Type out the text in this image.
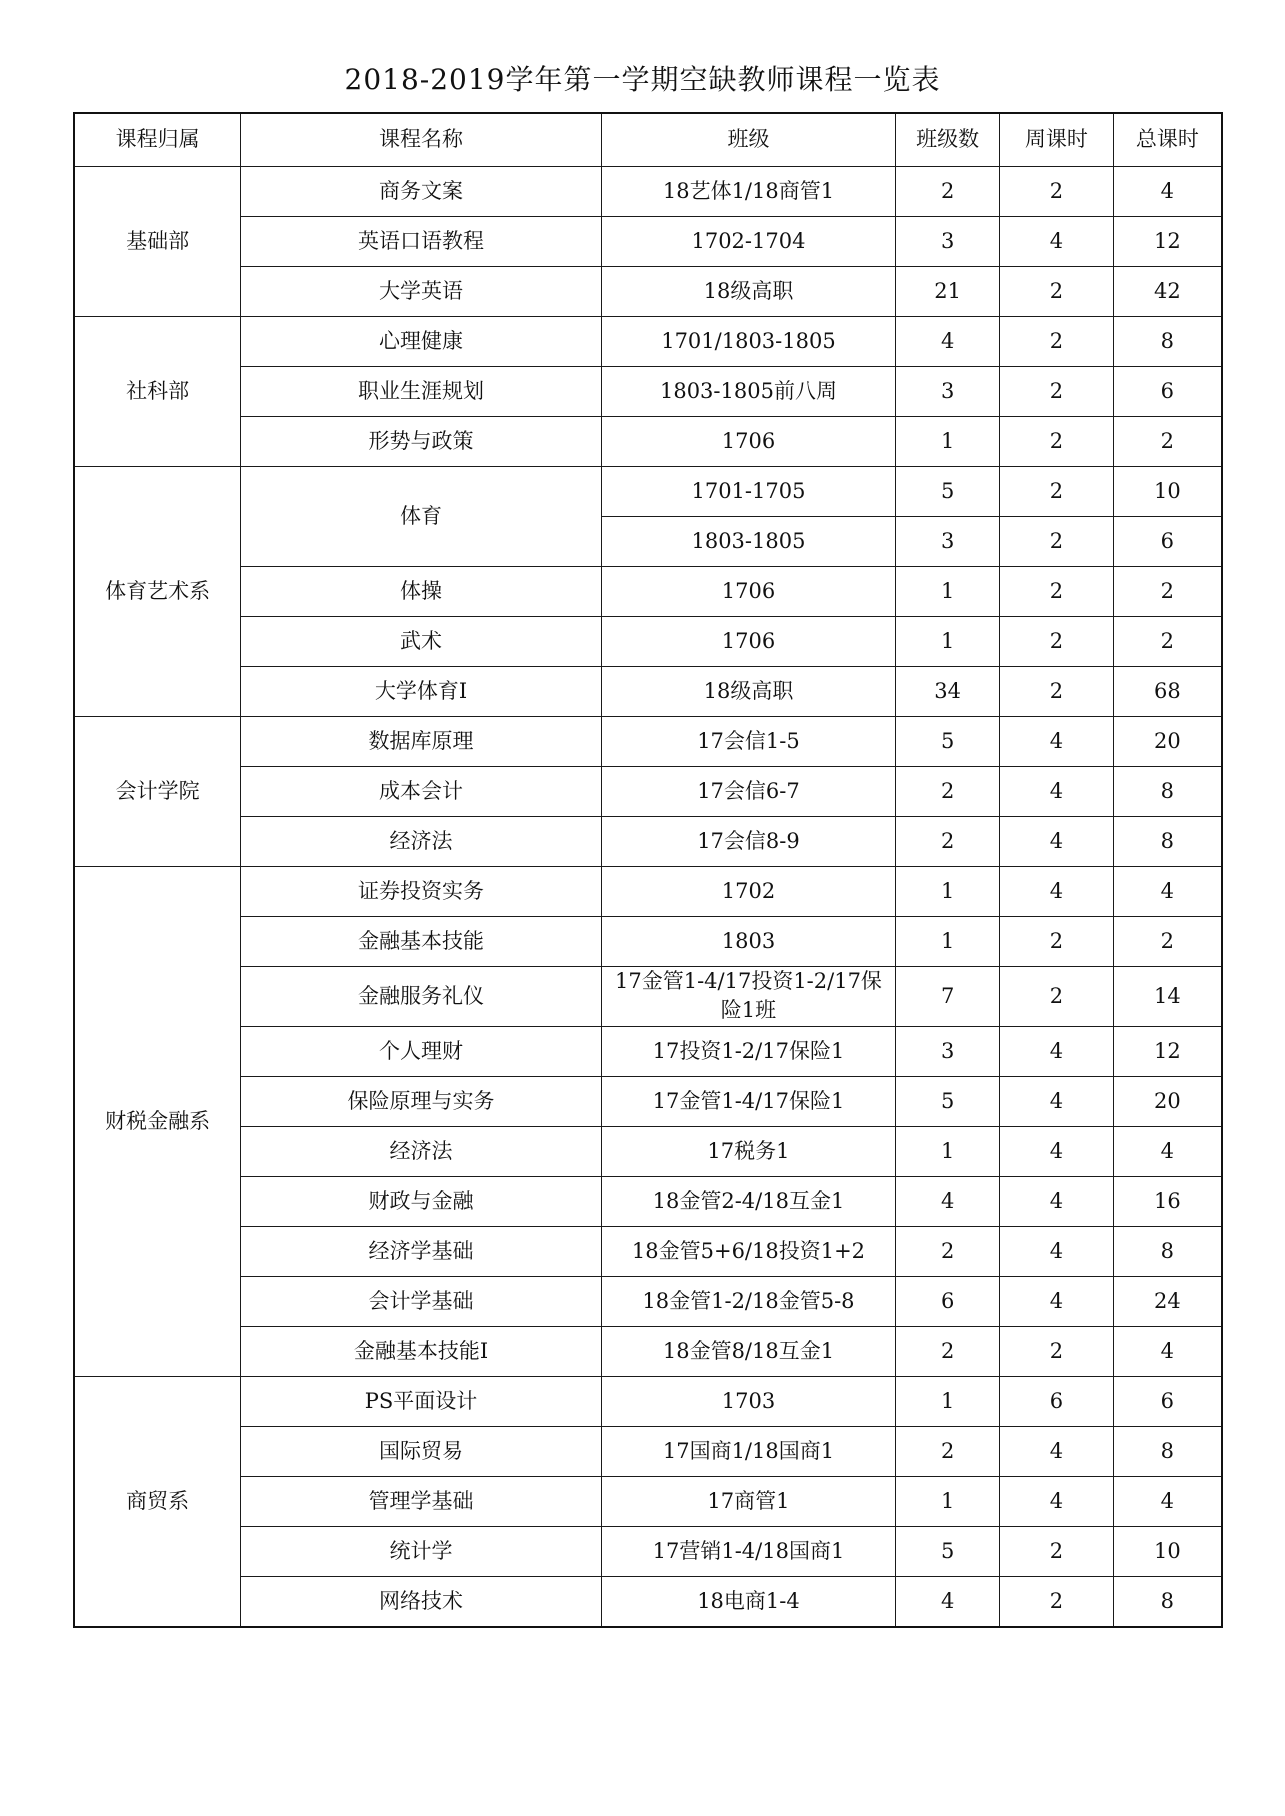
2018-2019学年第一学期空缺教师课程一览表
课程归属	课程名称	班级	班级数	周课时	总课时
基础部	商务文案	18艺体1/18商管1	2	2	4
	英语口语教程	1702-1704	3	4	12
	大学英语	18级高职	21	2	42
社科部	心理健康	1701/1803-1805	4	2	8
	职业生涯规划	1803-1805前八周	3	2	6
	形势与政策	1706	1	2	2
体育艺术系	体育	1701-1705	5	2	10
		1803-1805	3	2	6
	体操	1706	1	2	2
	武术	1706	1	2	2
	大学体育Ⅰ	18级高职	34	2	68
会计学院	数据库原理	17会信1-5	5	4	20
	成本会计	17会信6-7	2	4	8
	经济法	17会信8-9	2	4	8
财税金融系	证券投资实务	1702	1	4	4
	金融基本技能	1803	1	2	2
	金融服务礼仪	17金管1-4/17投资1-2/17保险1班	7	2	14
	个人理财	17投资1-2/17保险1	3	4	12
	保险原理与实务	17金管1-4/17保险1	5	4	20
	经济法	17税务1	1	4	4
	财政与金融	18金管2-4/18互金1	4	4	16
	经济学基础	18金管5+6/18投资1+2	2	4	8
	会计学基础	18金管1-2/18金管5-8	6	4	24
	金融基本技能Ⅰ	18金管8/18互金1	2	2	4
商贸系	PS平面设计	1703	1	6	6
	国际贸易	17国商1/18国商1	2	4	8
	管理学基础	17商管1	1	4	4
	统计学	17营销1-4/18国商1	5	2	10
	网络技术	18电商1-4	4	2	8
